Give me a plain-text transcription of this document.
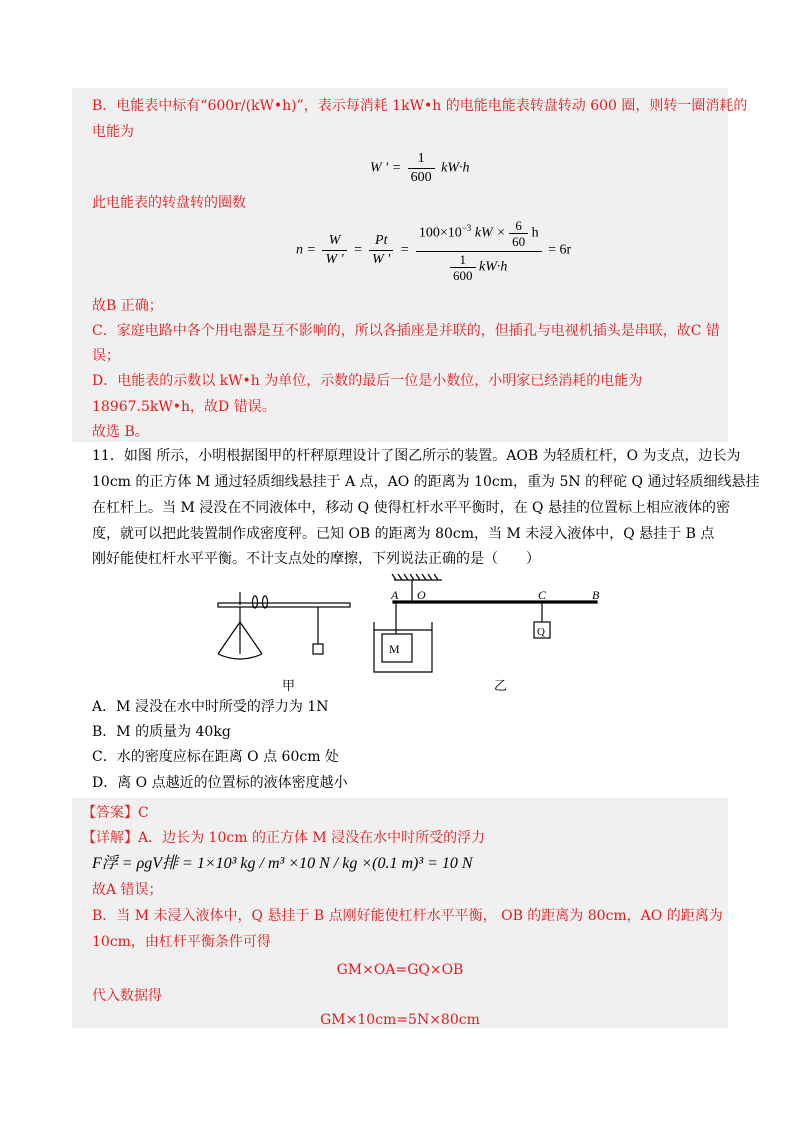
B．电能表中标有“600r/(kW•h)”，表示每消耗 1kW•h 的电能电能表转盘转动 600 圈，则转一圈消耗的
电能为
W ′ = $\frac{1}{600} kW\cdot h$
此电能表的转盘转的圈数
$n = \frac{W}{W '} = \frac{Pt}{W '}$ =
$100\times 10^{-3}$ kW × $\frac{6}{60}$ h
$\frac{1}{600} kW\cdot h$
= 6r
故B 正确；
C．家庭电路中各个用电器是互不影响的，所以各插座是并联的，但插孔与电视机插头是串联，故C 错
误；
D．电能表的示数以 kW•h 为单位，示数的最后一位是小数位，小明家已经消耗的电能为
18967.5kW•h，故D 错误。
故选 B。
11．如图 所示，小明根据图甲的杆秤原理设计了图乙所示的装置。AOB 为轻质杠杆，O 为支点，边长为
10cm 的正方体 M 通过轻质细线悬挂于 A 点，AO 的距离为 10cm，重为 5N 的秤砣 Q 通过轻质细线悬挂
在杠杆上。当 M 浸没在不同液体中，移动 Q 使得杠杆水平平衡时，在 Q 悬挂的位置标上相应液体的密
度，就可以把此装置制作成密度秤。已知 OB 的距离为 80cm，当 M 未浸入液体中，Q 悬挂于 B 点
刚好能使杠杆水平平衡。不计支点处的摩擦，下列说法正确的是（　　）
A O	C	B
M
Q
甲	乙
A．M 浸没在水中时所受的浮力为 1N
B．M 的质量为 40kg
C．水的密度应标在距离 O 点 60cm 处
D．离 O 点越近的位置标的液体密度越小
【答案】C
【详解】A．边长为 10cm 的正方体 M 浸没在水中时所受的浮力
F浮 = ρgV排 = 1×10³ kg / m³ ×10 N / kg ×(0.1 m)³ = 10 N
故A 错误；
B．当 M 未浸入液体中，Q 悬挂于 B 点刚好能使杠杆水平平衡， OB 的距离为 80cm，AO 的距离为
10cm，由杠杆平衡条件可得
GM×OA=GQ×OB
代入数据得
GM×10cm=5N×80cm
